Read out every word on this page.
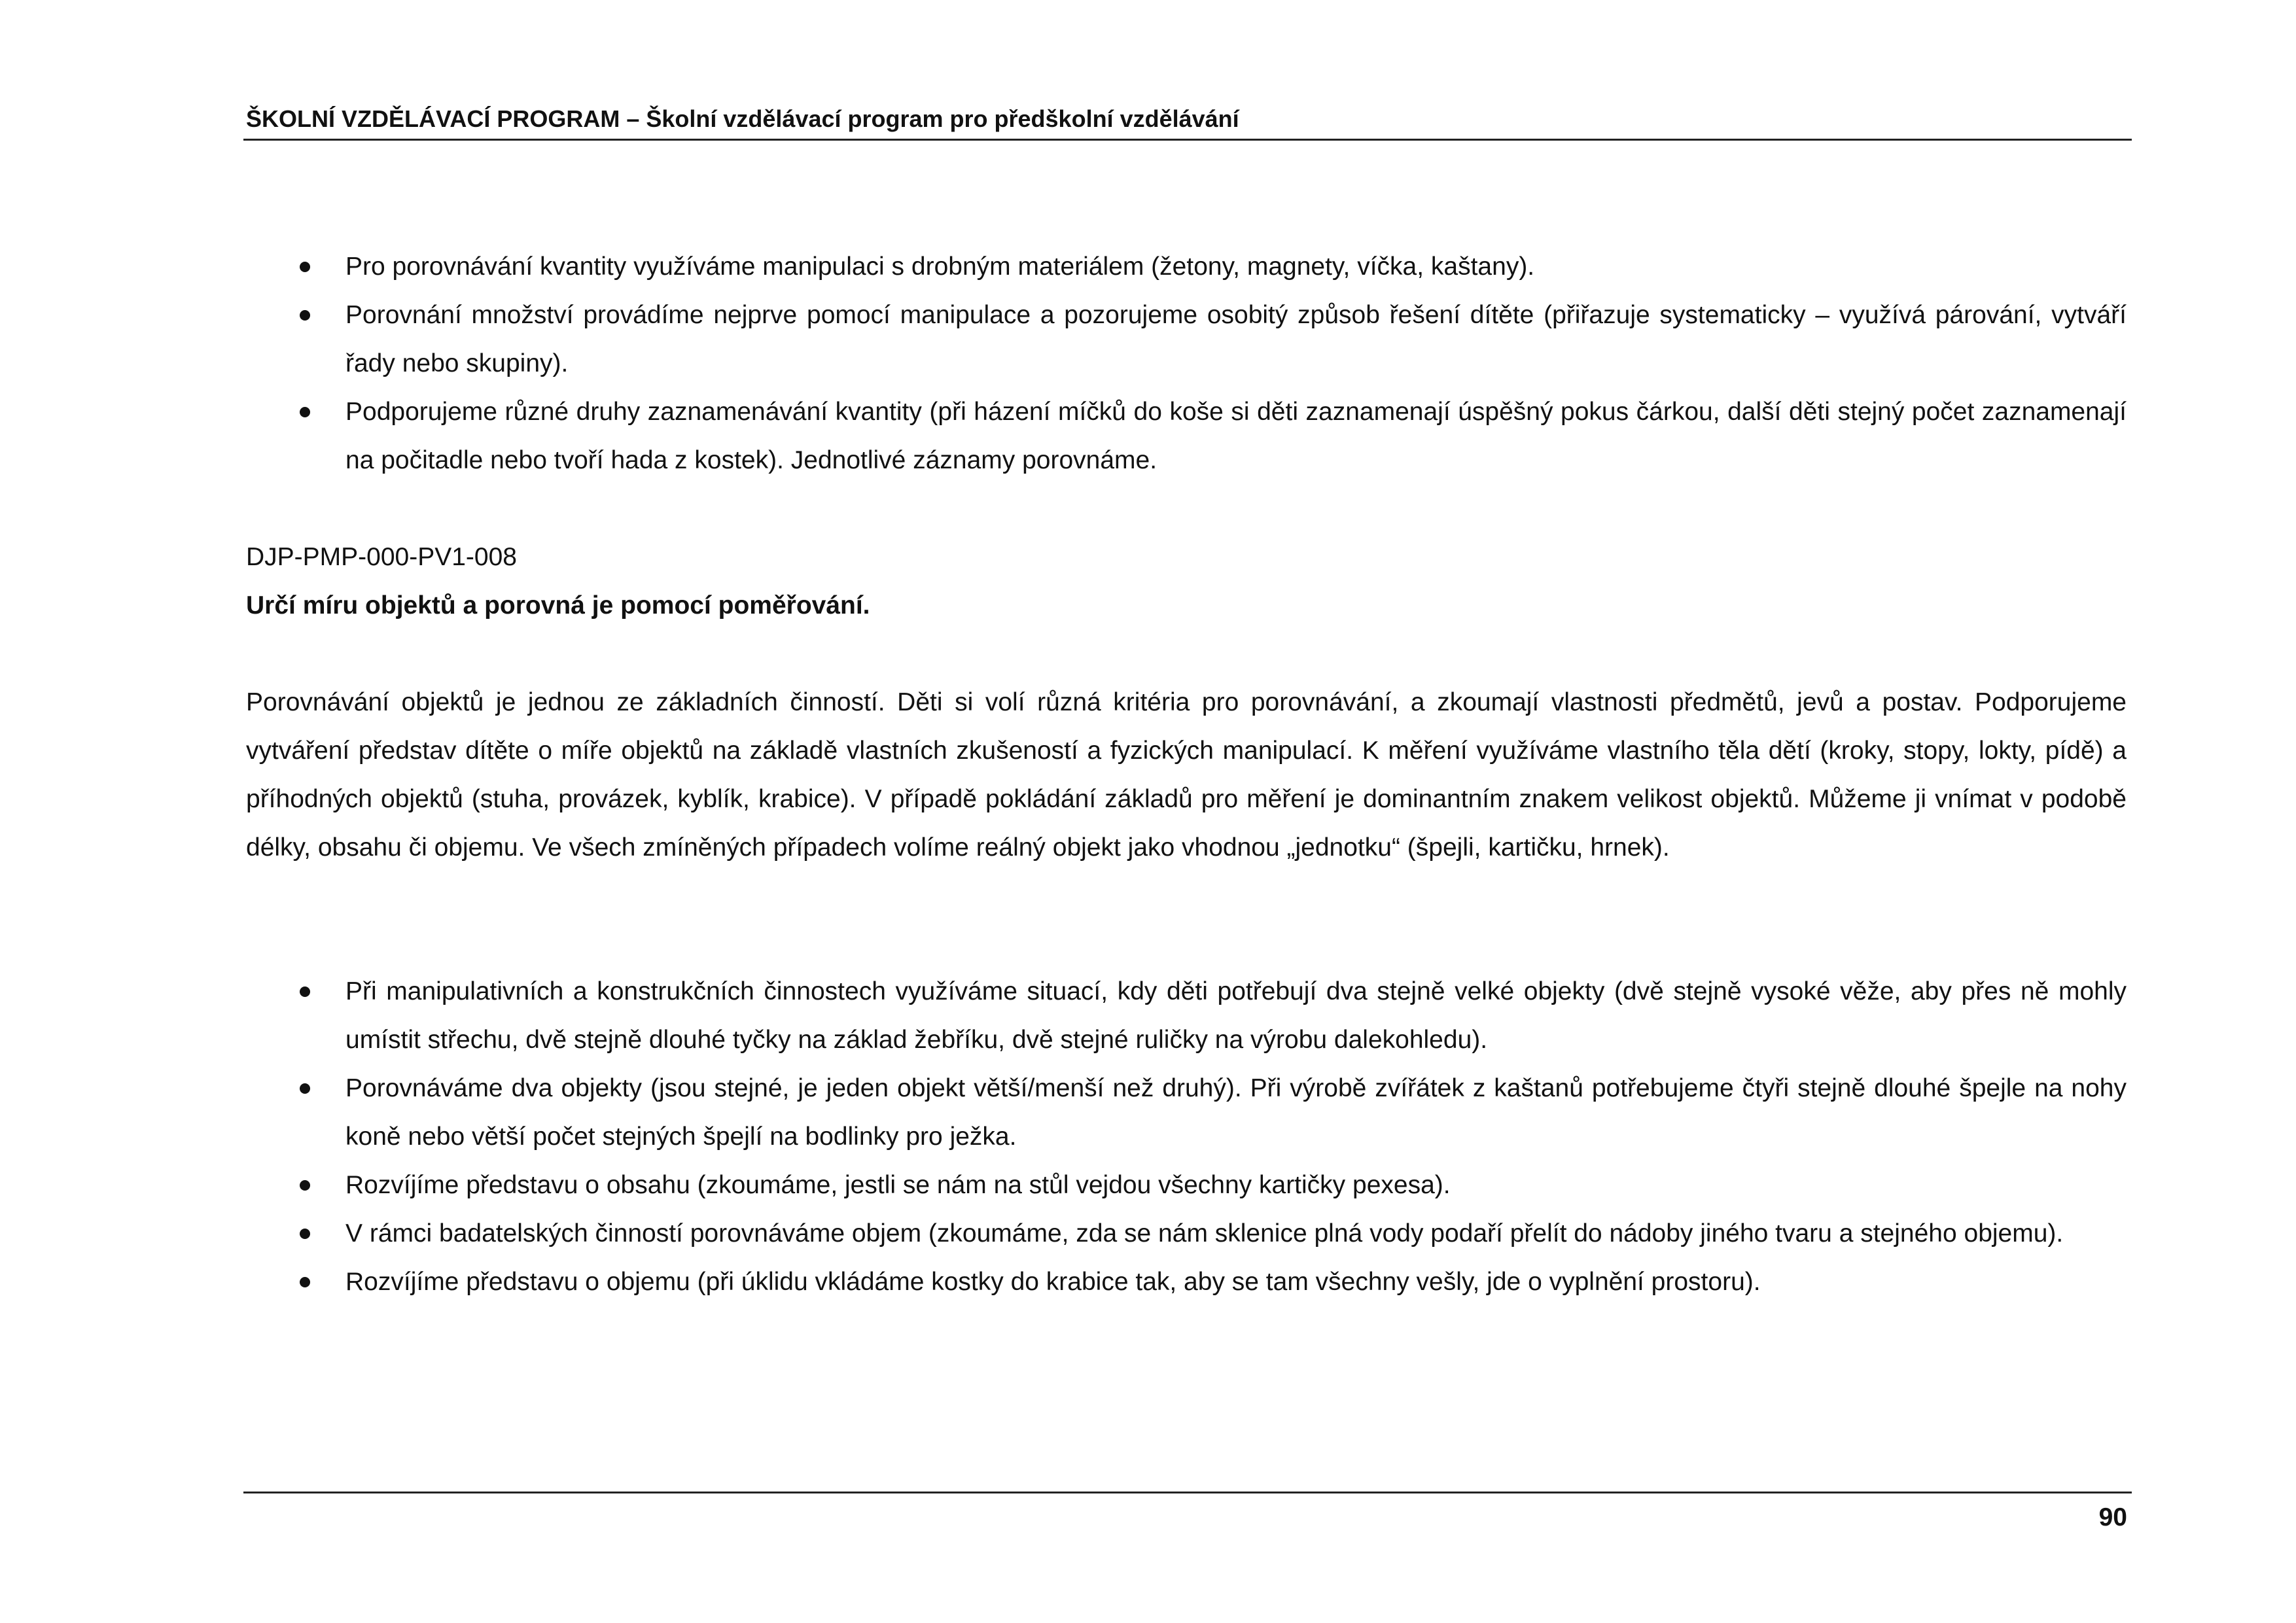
ŠKOLNÍ VZDĚLÁVACÍ PROGRAM – Školní vzdělávací program pro předškolní vzdělávání
Pro porovnávání kvantity využíváme manipulaci s drobným materiálem (žetony, magnety, víčka, kaštany).
Porovnání množství provádíme nejprve pomocí manipulace a pozorujeme osobitý způsob řešení dítěte (přiřazuje systematicky – využívá párování, vytváří řady nebo skupiny).
Podporujeme různé druhy zaznamenávání kvantity (při házení míčků do koše si děti zaznamenají úspěšný pokus čárkou, další děti stejný počet zaznamenají na počitadle nebo tvoří hada z kostek). Jednotlivé záznamy porovnáme.
DJP-PMP-000-PV1-008
Určí míru objektů a porovná je pomocí poměřování.

Porovnávání objektů je jednou ze základních činností. Děti si volí různá kritéria pro porovnávání, a zkoumají vlastnosti předmětů, jevů a postav. Podporujeme vytváření představ dítěte o míře objektů na základě vlastních zkušeností a fyzických manipulací. K měření využíváme vlastního těla dětí (kroky, stopy, lokty, pídě) a příhodných objektů (stuha, provázek, kyblík, krabice). V případě pokládání základů pro měření je dominantním znakem velikost objektů. Můžeme ji vnímat v podobě délky, obsahu či objemu. Ve všech zmíněných případech volíme reálný objekt jako vhodnou „jednotku“ (špejli, kartičku, hrnek).

Při manipulativních a konstrukčních činnostech využíváme situací, kdy děti potřebují dva stejně velké objekty (dvě stejně vysoké věže, aby přes ně mohly umístit střechu, dvě stejně dlouhé tyčky na základ žebříku, dvě stejné ruličky na výrobu dalekohledu).
Porovnáváme dva objekty (jsou stejné, je jeden objekt větší/menší než druhý). Při výrobě zvířátek z kaštanů potřebujeme čtyři stejně dlouhé špejle na nohy koně nebo větší počet stejných špejlí na bodlinky pro ježka.
Rozvíjíme představu o obsahu (zkoumáme, jestli se nám na stůl vejdou všechny kartičky pexesa).
V rámci badatelských činností porovnáváme objem (zkoumáme, zda se nám sklenice plná vody podaří přelít do nádoby jiného tvaru a stejného objemu).
Rozvíjíme představu o objemu (při úklidu vkládáme kostky do krabice tak, aby se tam všechny vešly, jde o vyplnění prostoru).
90
